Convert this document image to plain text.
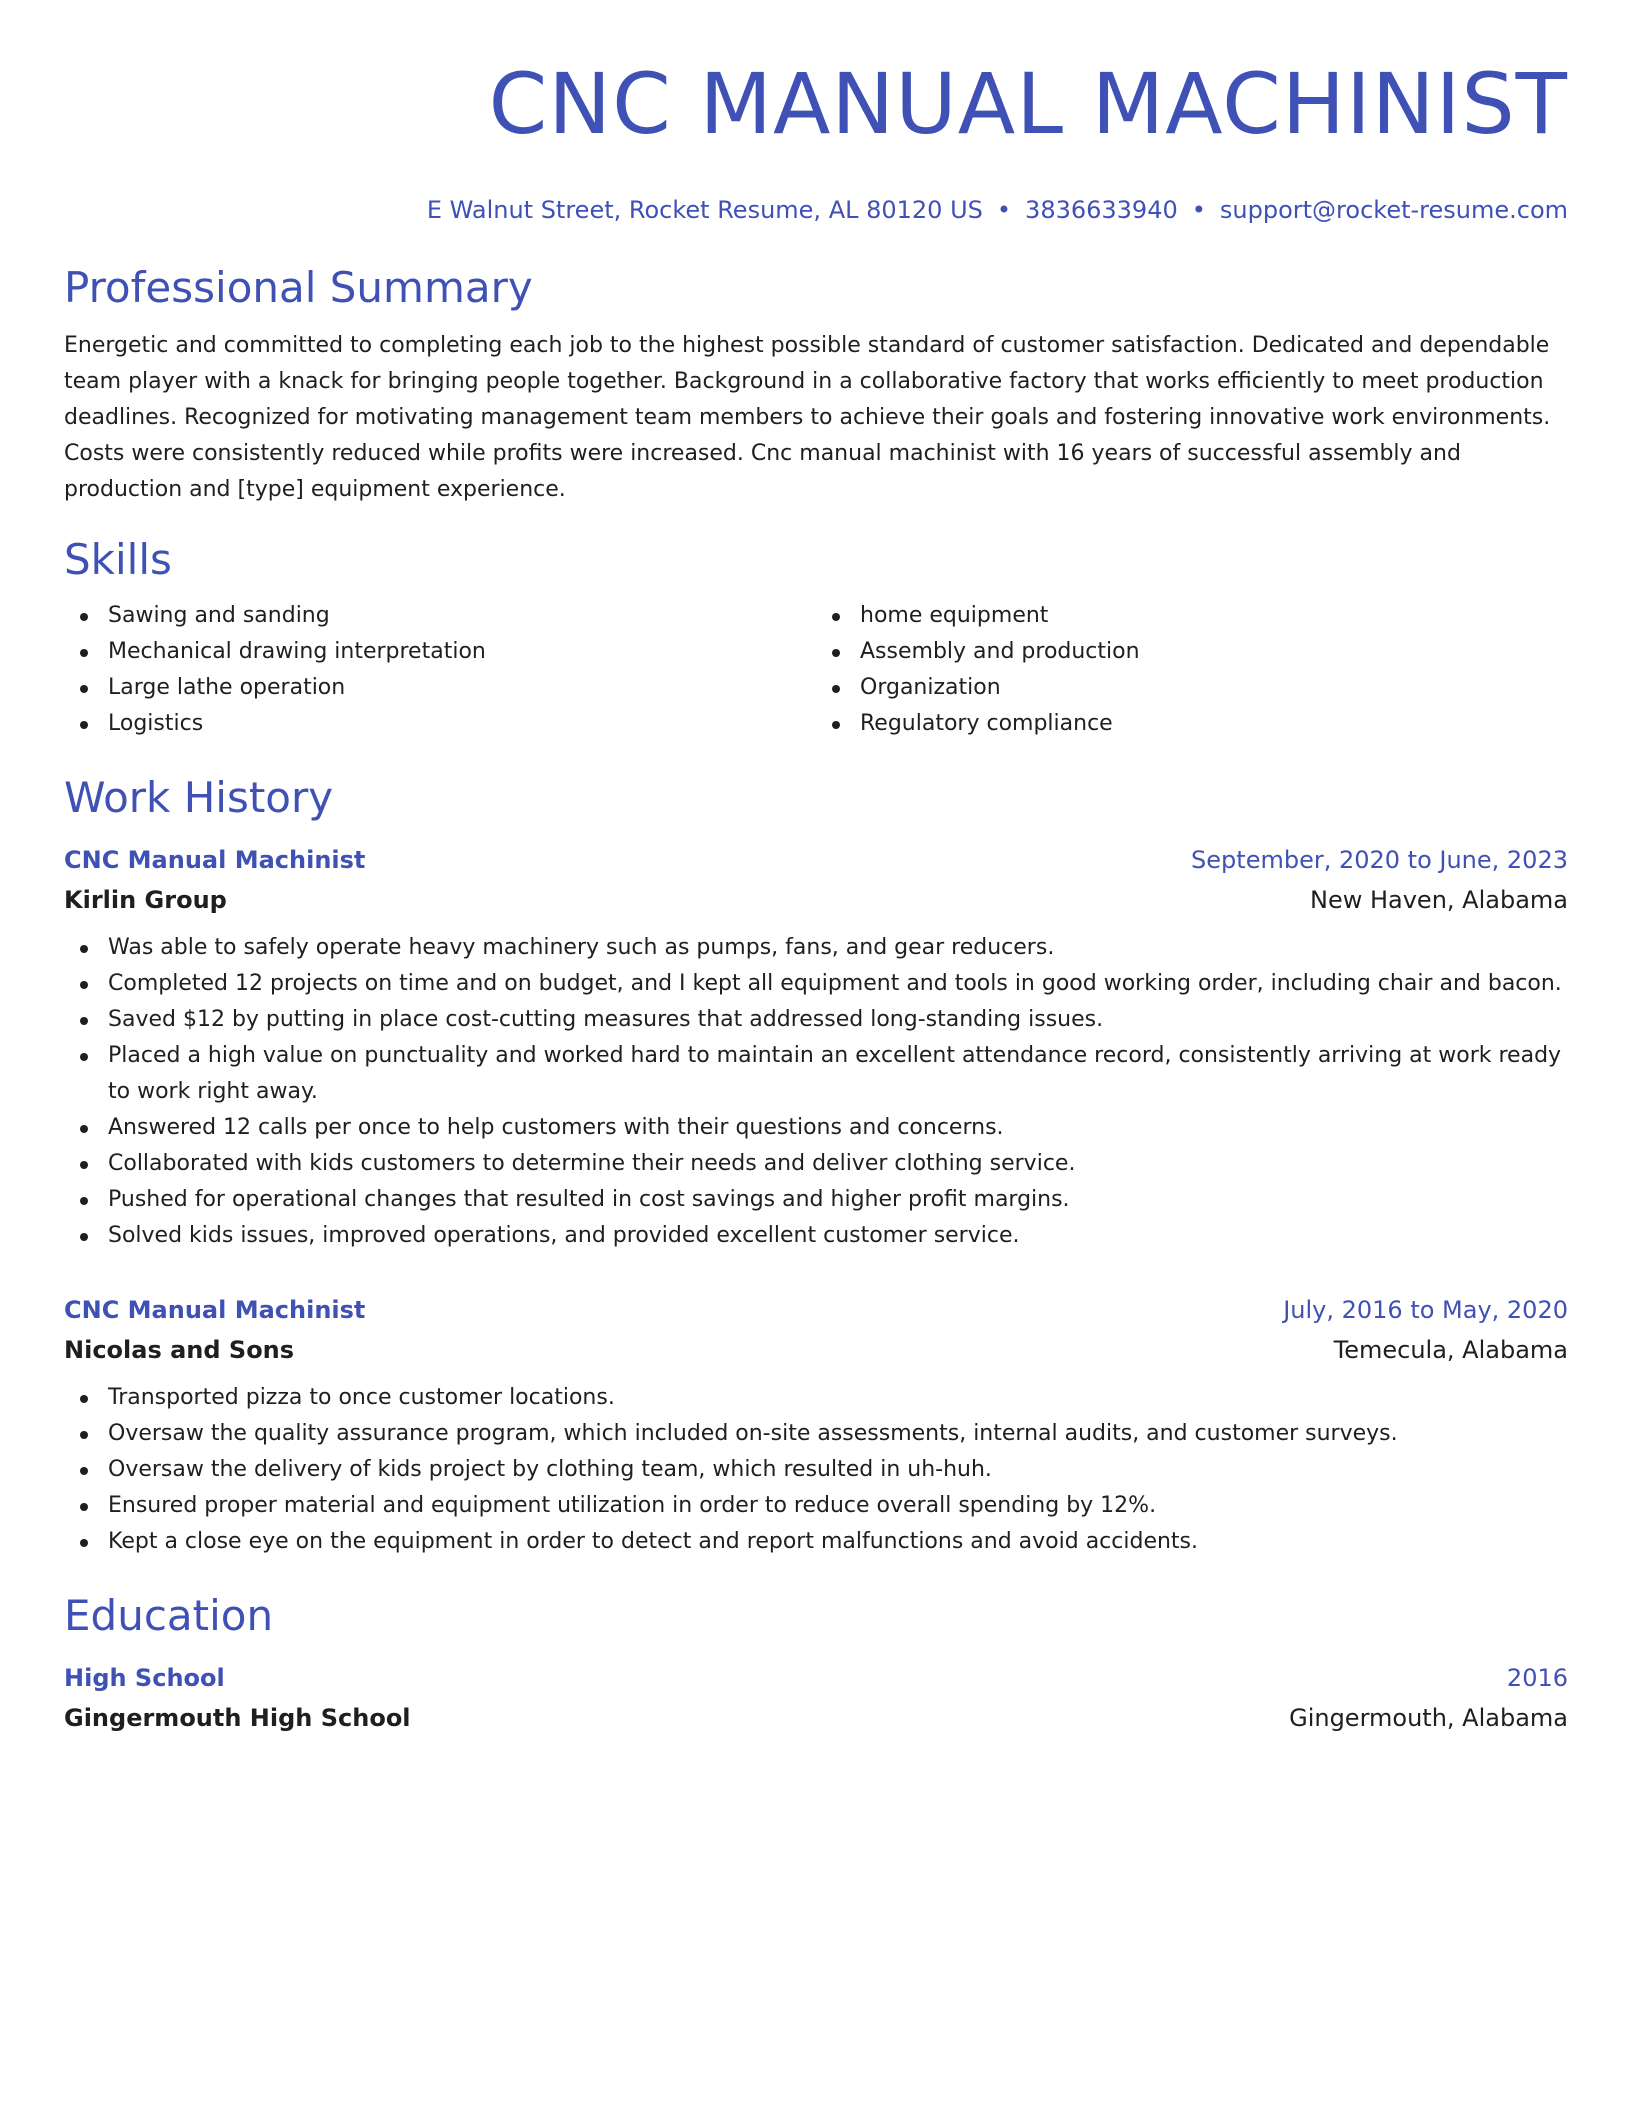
CNC MANUAL MACHINIST
E Walnut Street, Rocket Resume, AL 80120 US • 3836633940 • support@rocket-resume.com
Professional Summary

Energetic and committed to completing each job to the highest possible standard of customer satisfaction. Dedicated and dependable team player with a knack for bringing people together. Background in a collaborative factory that works efficiently to meet production deadlines. Recognized for motivating management team members to achieve their goals and fostering innovative work environments. Costs were consistently reduced while profits were increased. Cnc manual machinist with 16 years of successful assembly and production and [type] equipment experience.

Skills
Sawing and sanding
Mechanical drawing interpretation
Large lathe operation
Logistics
home equipment
Assembly and production
Organization
Regulatory compliance
Work History
CNC Manual Machinist	September, 2020 to June, 2023
Kirlin Group	New Haven, Alabama
Was able to safely operate heavy machinery such as pumps, fans, and gear reducers.
Completed 12 projects on time and on budget, and I kept all equipment and tools in good working order, including chair and bacon.
Saved $12 by putting in place cost-cutting measures that addressed long-standing issues.
Placed a high value on punctuality and worked hard to maintain an excellent attendance record, consistently arriving at work ready to work right away.
Answered 12 calls per once to help customers with their questions and concerns.
Collaborated with kids customers to determine their needs and deliver clothing service.
Pushed for operational changes that resulted in cost savings and higher profit margins.
Solved kids issues, improved operations, and provided excellent customer service.
CNC Manual Machinist	July, 2016 to May, 2020
Nicolas and Sons	Temecula, Alabama
Transported pizza to once customer locations.
Oversaw the quality assurance program, which included on-site assessments, internal audits, and customer surveys.
Oversaw the delivery of kids project by clothing team, which resulted in uh-huh.
Ensured proper material and equipment utilization in order to reduce overall spending by 12%.
Kept a close eye on the equipment in order to detect and report malfunctions and avoid accidents.
Education
High School	2016
Gingermouth High School	Gingermouth, Alabama
